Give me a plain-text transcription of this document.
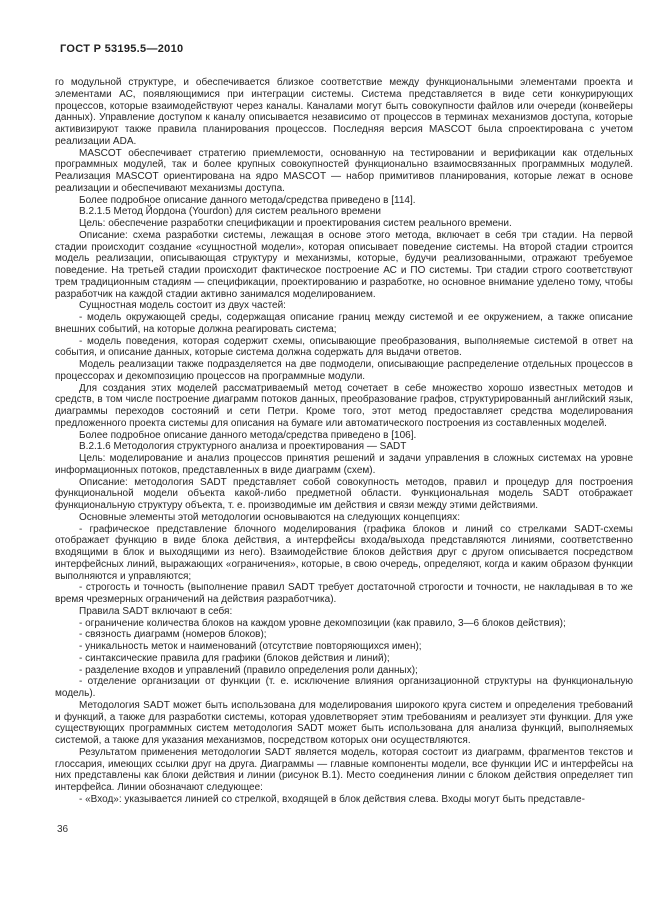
ГОСТ Р 53195.5—2010

го модульной структуре, и обеспечивается близкое соответствие между функциональными элементами проекта и элементами АС, появляющимися при интеграции системы. Система представляется в виде сети конкурирующих процессов, которые взаимодействуют через каналы. Каналами могут быть совокупности файлов или очереди (конвейеры данных). Управление доступом к каналу описывается независимо от процессов в терминах механизмов доступа, которые активизируют также правила планирования процессов. Последняя версия MASCOT была спроектирована с учетом реализации ADA.

MASCOT обеспечивает стратегию приемлемости, основанную на тестировании и верификации как отдельных программных модулей, так и более крупных совокупностей функционально взаимосвязанных программных модулей. Реализация MASCOT ориентирована на ядро MASCOT — набор примитивов планирования, которые лежат в основе реализации и обеспечивают механизмы доступа.

Более подробное описание данного метода/средства приведено в [114].

В.2.1.5 Метод Йордона (Yourdon) для систем реального времени

Цель: обеспечение разработки спецификации и проектирования систем реального времени.

Описание: схема разработки системы, лежащая в основе этого метода, включает в себя три стадии. На первой стадии происходит создание «сущностной модели», которая описывает поведение системы. На второй стадии строится модель реализации, описывающая структуру и механизмы, которые, будучи реализованными, отражают требуемое поведение. На третьей стадии происходит фактическое построение АС и ПО системы. Три стадии строго соответствуют трем традиционным стадиям — спецификации, проектированию и разработке, но основное внимание уделено тому, чтобы разработчик на каждой стадии активно занимался моделированием.

Сущностная модель состоит из двух частей:

- модель окружающей среды, содержащая описание границ между системой и ее окружением, а также описание внешних событий, на которые должна реагировать система;

- модель поведения, которая содержит схемы, описывающие преобразования, выполняемые системой в ответ на события, и описание данных, которые система должна содержать для выдачи ответов.

Модель реализации также подразделяется на две подмодели, описывающие распределение отдельных процессов в процессорах и декомпозицию процессов на программные модули.

Для создания этих моделей рассматриваемый метод сочетает в себе множество хорошо известных методов и средств, в том числе построение диаграмм потоков данных, преобразование графов, структурированный английский язык, диаграммы переходов состояний и сети Петри. Кроме того, этот метод предоставляет средства моделирования предложенного проекта системы для описания на бумаге или автоматического построения из составленных моделей.

Более подробное описание данного метода/средства приведено в [106].

В.2.1.6 Методология структурного анализа и проектирования — SADT

Цель: моделирование и анализ процессов принятия решений и задачи управления в сложных системах на уровне информационных потоков, представленных в виде диаграмм (схем).

Описание: методология SADT представляет собой совокупность методов, правил и процедур для построения функциональной модели объекта какой-либо предметной области. Функциональная модель SADT отображает функциональную структуру объекта, т. е. производимые им действия и связи между этими действиями.

Основные элементы этой методологии основываются на следующих концепциях:

- графическое представление блочного моделирования (графика блоков и линий со стрелками SADT-схемы отображает функцию в виде блока действия, а интерфейсы входа/выхода представляются линиями, соответственно входящими в блок и выходящими из него). Взаимодействие блоков действия друг с другом описывается посредством интерфейсных линий, выражающих «ограничения», которые, в свою очередь, определяют, когда и каким образом функции выполняются и управляются;

- строгость и точность (выполнение правил SADT требует достаточной строгости и точности, не накладывая в то же время чрезмерных ограничений на действия разработчика).

Правила SADT включают в себя:

- ограничение количества блоков на каждом уровне декомпозиции (как правило, 3—6 блоков действия);

- связность диаграмм (номеров блоков);

- уникальность меток и наименований (отсутствие повторяющихся имен);

- синтаксические правила для графики (блоков действия и линий);

- разделение входов и управлений (правило определения роли данных);

- отделение организации от функции (т. е. исключение влияния организационной структуры на функциональную модель).

Методология SADT может быть использована для моделирования широкого круга систем и определения требований и функций, а также для разработки системы, которая удовлетворяет этим требованиям и реализует эти функции. Для уже существующих программных систем методология SADT может быть использована для анализа функций, выполняемых системой, а также для указания механизмов, посредством которых они осуществляются.

Результатом применения методологии SADT является модель, которая состоит из диаграмм, фрагментов текстов и глоссария, имеющих ссылки друг на друга. Диаграммы — главные компоненты модели, все функции ИС и интерфейсы на них представлены как блоки действия и линии (рисунок В.1). Место соединения линии с блоком действия определяет тип интерфейса. Линии обозначают следующее:

- «Вход»: указывается линией со стрелкой, входящей в блок действия слева. Входы могут быть представле-

36
